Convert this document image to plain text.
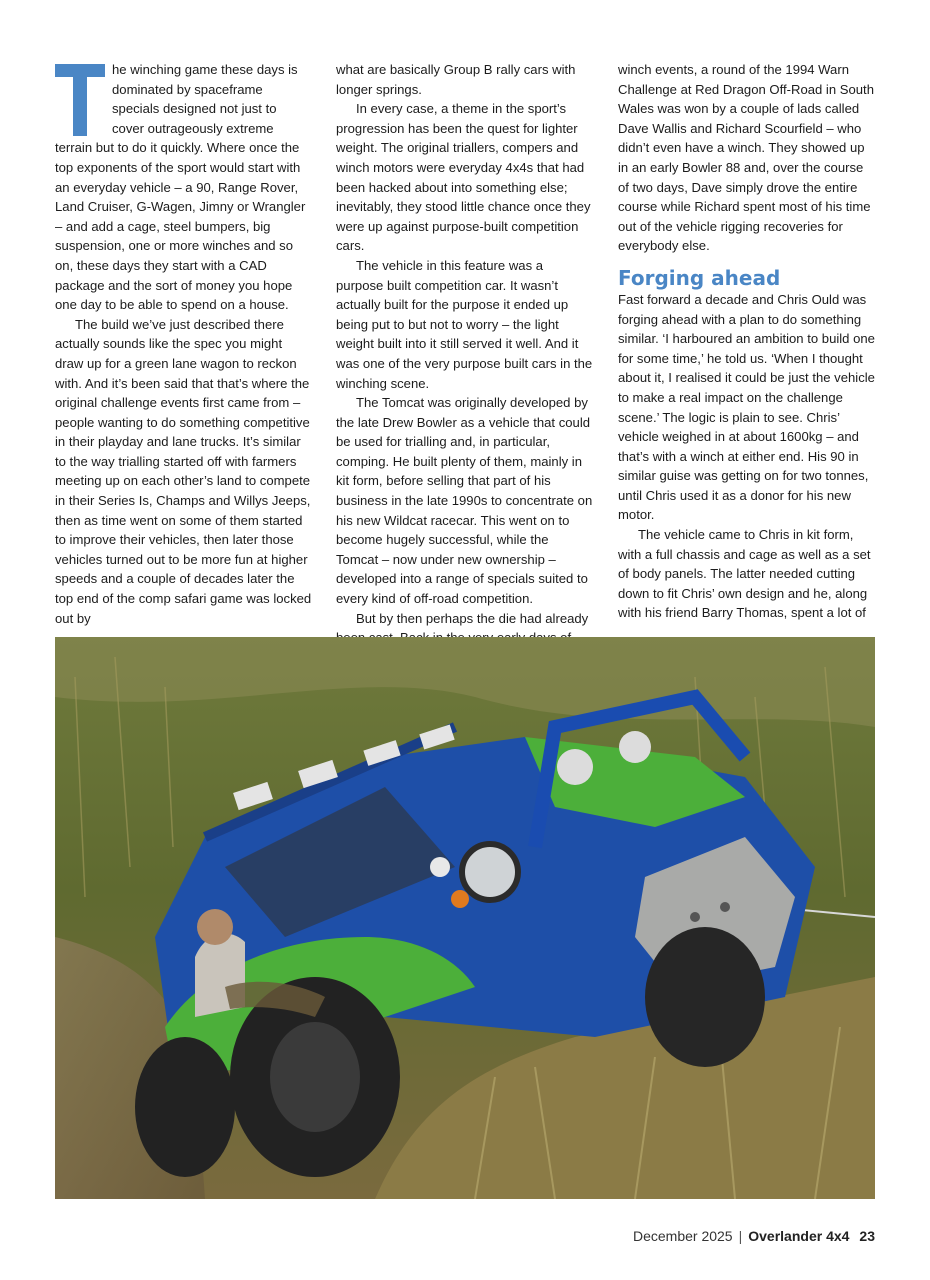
he winching game these days is dominated by spaceframe specials designed not just to cover outrageously extreme terrain but to do it quickly. Where once the top exponents of the sport would start with an everyday vehicle – a 90, Range Rover, Land Cruiser, G-Wagen, Jimny or Wrangler – and add a cage, steel bumpers, big suspension, one or more winches and so on, these days they start with a CAD package and the sort of money you hope one day to be able to spend on a house.

The build we’ve just described there actually sounds like the spec you might draw up for a green lane wagon to reckon with. And it’s been said that that’s where the original challenge events first came from – people wanting to do something competitive in their playday and lane trucks. It’s similar to the way trialling started off with farmers meeting up on each other’s land to compete in their Series Is, Champs and Willys Jeeps, then as time went on some of them started to improve their vehicles, then later those vehicles turned out to be more fun at higher speeds and a couple of decades later the top end of the comp safari game was locked out by

what are basically Group B rally cars with longer springs.

In every case, a theme in the sport’s progression has been the quest for lighter weight. The original triallers, compers and winch motors were everyday 4x4s that had been hacked about into something else; inevitably, they stood little chance once they were up against purpose-built competition cars.

The vehicle in this feature was a purpose built competition car. It wasn’t actually built for the purpose it ended up being put to but not to worry – the light weight built into it still served it well. And it was one of the very purpose built cars in the winching scene.

The Tomcat was originally developed by the late Drew Bowler as a vehicle that could be used for trialling and, in particular, comping. He built plenty of them, mainly in kit form, before selling that part of his business in the late 1990s to concentrate on his new Wildcat racecar. This went on to become hugely successful, while the Tomcat – now under new ownership – developed into a range of specials suited to every kind of off-road competition.

But by then perhaps the die had already

winch events, a round of the 1994 Warn Challenge at Red Dragon Off-Road in South Wales was won by a couple of lads called Dave Wallis and Richard Scourfield – who didn’t even have a winch. They showed up in an early Bowler 88 and, over the course of two days, Dave simply drove the entire course while Richard spent most of his time out of the vehicle rigging recoveries for everybody else.

Forging ahead

Fast forward a decade and Chris Ould was forging ahead with a plan to do something similar. ‘I harboured an ambition to build one for some time,’ he told us. ‘When I thought about it, I realised it could be just the vehicle to make a real impact on the challenge scene.’ The logic is plain to see. Chris’ vehicle weighed in at about 1600kg – and that’s with a winch at either end. His 90 in similar guise was getting on for two tonnes, until Chris used it as a donor for his new motor.

The vehicle came to Chris in kit form, with a full chassis and cage as well as a set of body panels. The latter needed cutting down to fit Chris’ own design and he, along with his friend Barry Thomas, spent a lot of

December 2025 | Overlander 4x4 23
